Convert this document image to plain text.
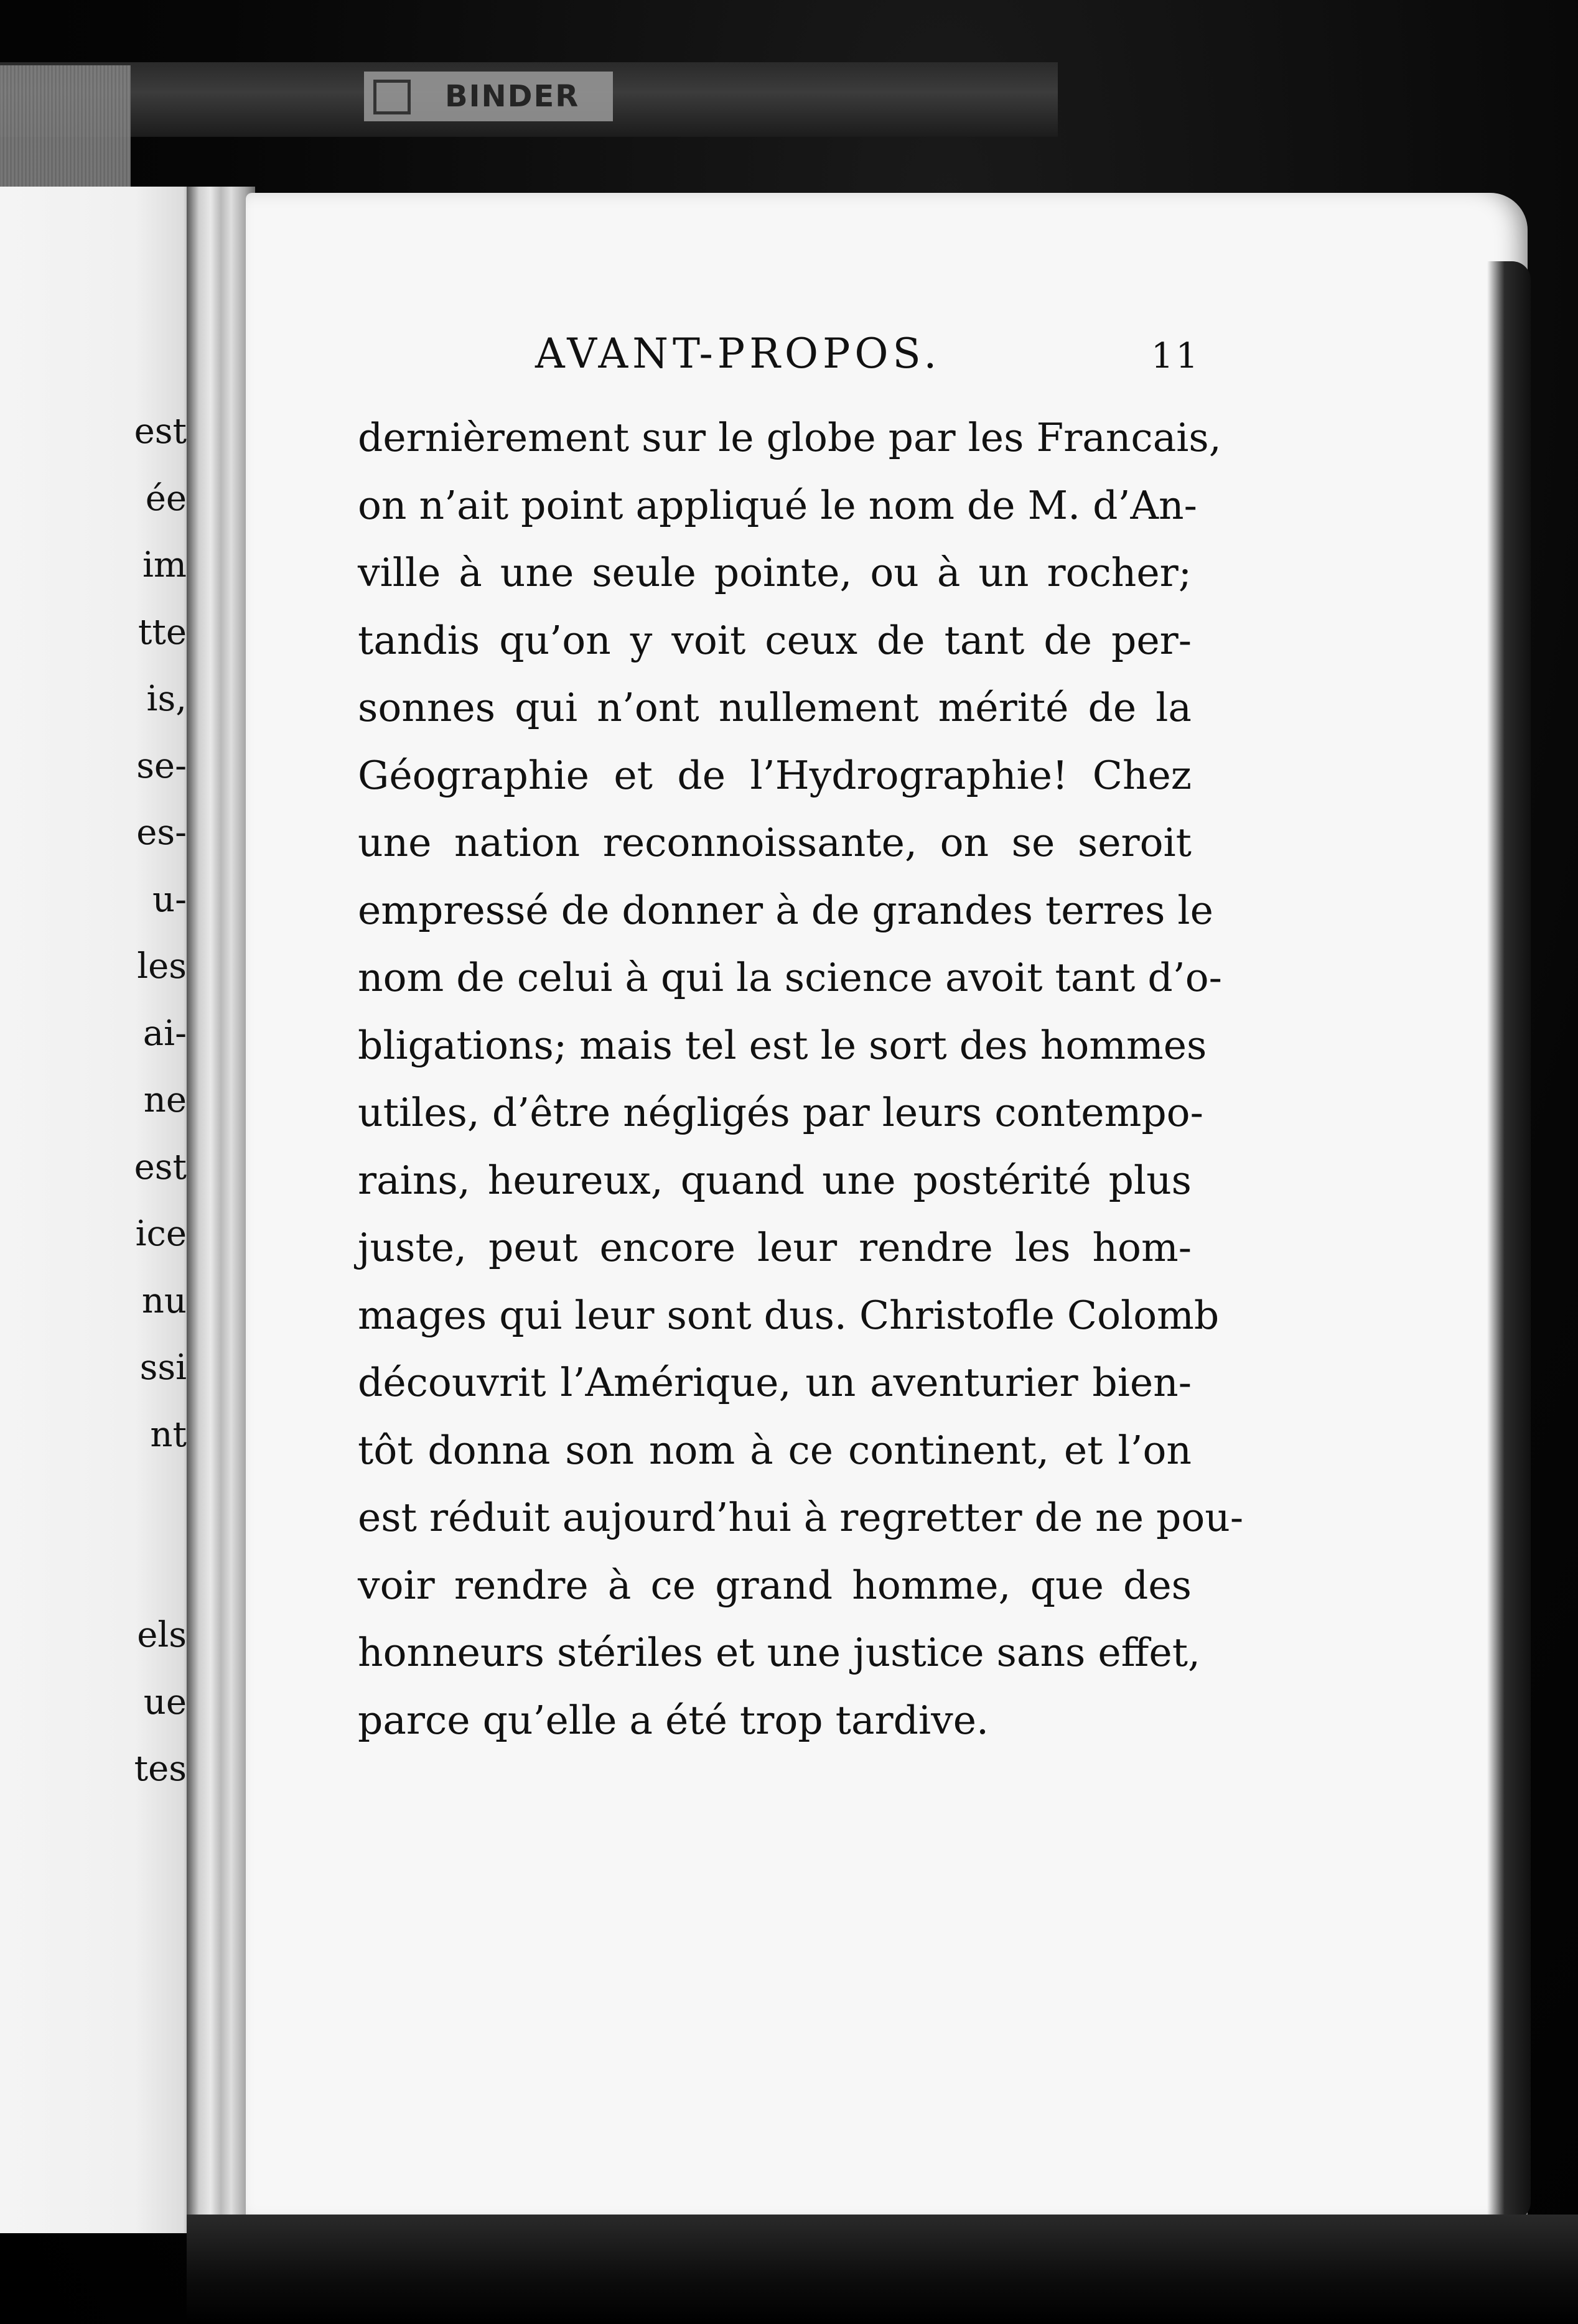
BINDER
est
ée
im
tte
is,
se-
es-
u-
les
ai-
ne
est
ice
nu
ssi
nt
els
ue
tes
AVANT-PROPOS.	11
dernièrement sur le globe par les Francais,
on n’ait point appliqué le nom de M. d’An-
ville à une seule pointe, ou à un rocher;
tandis qu’on y voit ceux de tant de per-
sonnes qui n’ont nullement mérité de la
Géographie et de l’Hydrographie! Chez
une nation reconnoissante, on se seroit
empressé de donner à de grandes terres le
nom de celui à qui la science avoit tant d’o-
bligations; mais tel est le sort des hommes
utiles, d’être négligés par leurs contempo-
rains, heureux, quand une postérité plus
juste, peut encore leur rendre les hom-
mages qui leur sont dus. Christofle Colomb
découvrit l’Amérique, un aventurier bien-
tôt donna son nom à ce continent, et l’on
est réduit aujourd’hui à regretter de ne pou-
voir rendre à ce grand homme, que des
honneurs stériles et une justice sans effet,
parce qu’elle a été trop tardive.
